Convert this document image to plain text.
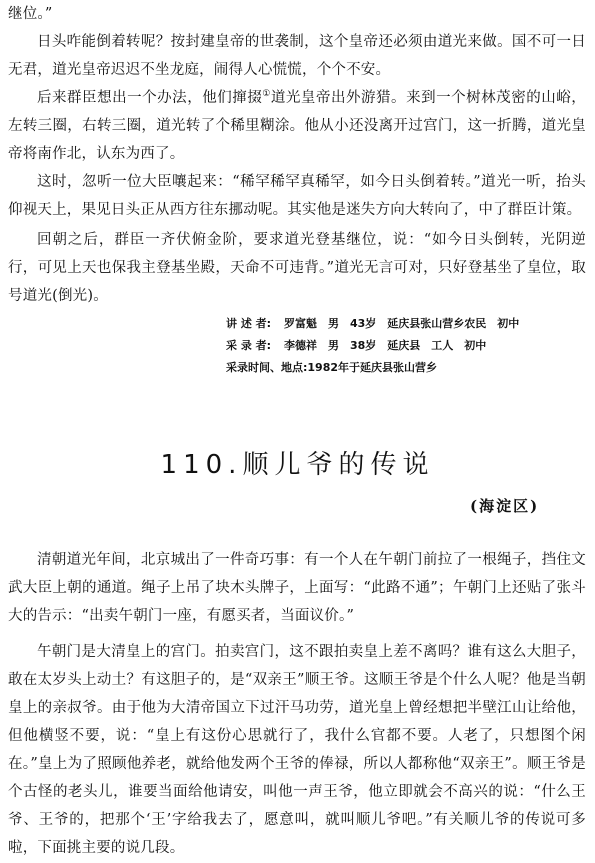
继位。”

日头咋能倒着转呢？按封建皇帝的世袭制，这个皇帝还必须由道光来做。国不可一日无君，道光皇帝迟迟不坐龙庭，闹得人心慌慌，个个不安。

后来群臣想出一个办法，他们撺掇①道光皇帝出外游猎。来到一个树林茂密的山峪，左转三圈，右转三圈，道光转了个稀里糊涂。他从小还没离开过宫门，这一折腾，道光皇帝将南作北，认东为西了。

这时，忽听一位大臣嚷起来：“稀罕稀罕真稀罕，如今日头倒着转。”道光一听，抬头仰视天上，果见日头正从西方往东挪动呢。其实他是迷失方向大转向了，中了群臣计策。

回朝之后，群臣一齐伏俯金阶，要求道光登基继位，说：“如今日头倒转，光阴逆行，可见上天也保我主登基坐殿，天命不可违背。”道光无言可对，只好登基坐了皇位，取号道光(倒光)。

讲 述 者: 罗富魁　男　43岁　延庆县张山营乡农民　初中
采 录 者: 李德祥　男　38岁　延庆县　工人　初中
采录时间、地点:1982年于延庆县张山营乡
110.顺儿爷的传说
(海淀区)

清朝道光年间，北京城出了一件奇巧事：有一个人在午朝门前拉了一根绳子，挡住文武大臣上朝的通道。绳子上吊了块木头牌子，上面写：“此路不通”；午朝门上还贴了张斗大的告示：“出卖午朝门一座，有愿买者，当面议价。”

午朝门是大清皇上的宫门。拍卖宫门，这不跟拍卖皇上差不离吗？谁有这么大胆子，敢在太岁头上动土？有这胆子的，是“双亲王”顺王爷。这顺王爷是个什么人呢？他是当朝皇上的亲叔爷。由于他为大清帝国立下过汗马功劳，道光皇上曾经想把半壁江山让给他，但他横竖不要，说：“皇上有这份心思就行了，我什么官都不要。人老了，只想图个闲在。”皇上为了照顾他养老，就给他发两个王爷的俸禄，所以人都称他“双亲王”。顺王爷是个古怪的老头儿，谁要当面给他请安，叫他一声王爷，他立即就会不高兴的说：“什么王爷、王爷的，把那个‘王’字给我去了，愿意叫，就叫顺儿爷吧。”有关顺儿爷的传说可多啦，下面挑主要的说几段。
